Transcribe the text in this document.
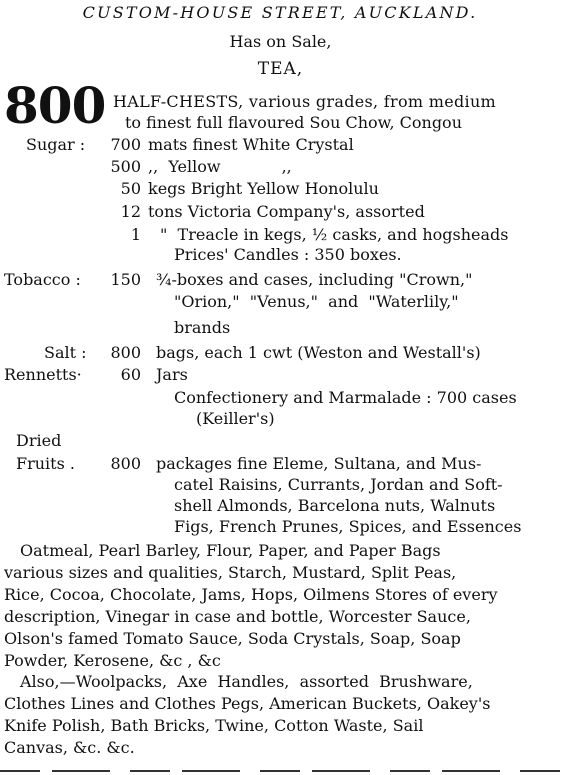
CUSTOM-HOUSE STREET, AUCKLAND.
Has on Sale,
TEA,
800 HALF-CHESTS, various grades, from medium
to finest full flavoured Sou Chow, Congou
Sugar :	700 mats finest White Crystal
500 ,,  Yellow            ,,
50 kegs Bright Yellow Honolulu
12 tons Victoria Company's, assorted
1 "  Treacle in kegs, ½ casks, and hogsheads
Prices' Candles : 350 boxes.
Tobacco :	150 ¾-boxes and cases, including "Crown,"
"Orion,"  "Venus,"  and  "Waterlily,"
brands
Salt :	800 bags, each 1 cwt (Weston and Westall's)
Rennetts·	60 Jars
Confectionery and Marmalade : 700 cases
(Keiller's)
Dried
Fruits .	800 packages fine Eleme, Sultana, and Mus-
catel Raisins, Currants, Jordan and Soft-
shell Almonds, Barcelona nuts, Walnuts
Figs, French Prunes, Spices, and Essences
Oatmeal, Pearl Barley, Flour, Paper, and Paper Bags
various sizes and qualities, Starch, Mustard, Split Peas,
Rice, Cocoa, Chocolate, Jams, Hops, Oilmens Stores of every
description, Vinegar in case and bottle, Worcester Sauce,
Olson's famed Tomato Sauce, Soda Crystals, Soap, Soap
Powder, Kerosene, &c , &c
Also,—Woolpacks,  Axe  Handles,  assorted  Brushware,
Clothes Lines and Clothes Pegs, American Buckets, Oakey's
Knife Polish, Bath Bricks, Twine, Cotton Waste, Sail
Canvas, &c. &c.
